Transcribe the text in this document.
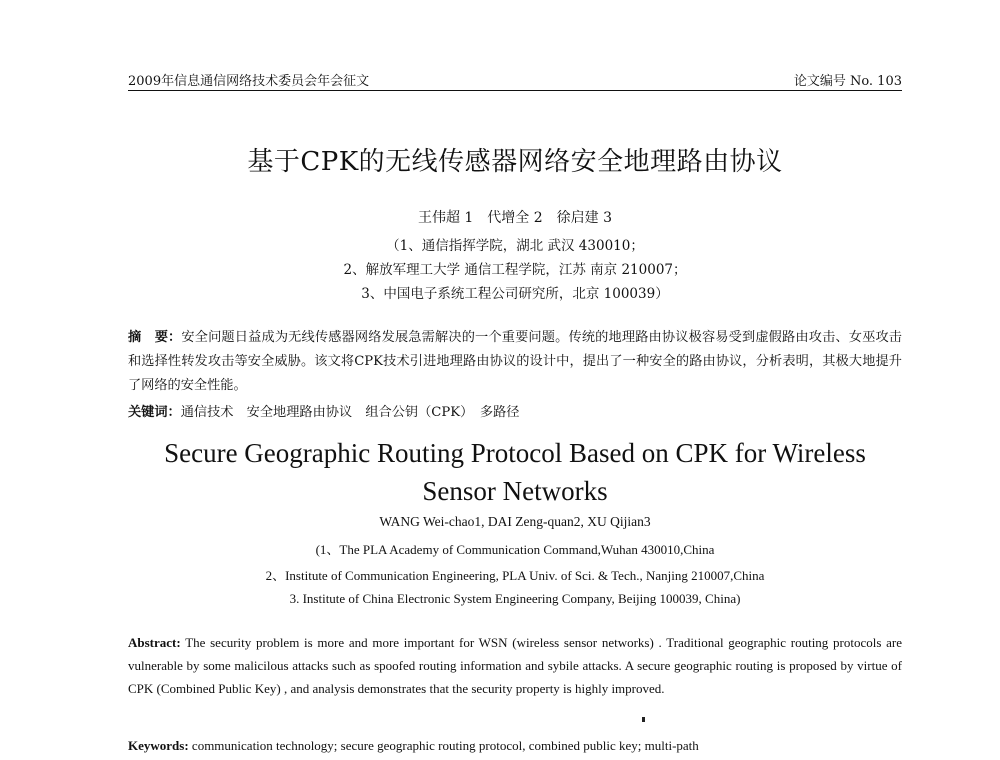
2009年信息通信网络技术委员会年会征文	论文编号 No. 103
基于CPK的无线传感器网络安全地理路由协议
王伟超 1　代增全 2　徐启建 3
（1、通信指挥学院，湖北 武汉 430010；
2、解放军理工大学 通信工程学院，江苏 南京 210007；
3、中国电子系统工程公司研究所，北京 100039）
摘　要：安全问题日益成为无线传感器网络发展急需解决的一个重要问题。传统的地理路由协议极容易受到虚假路由攻击、女巫攻击和选择性转发攻击等安全威胁。该文将CPK技术引进地理路由协议的设计中，提出了一种安全的路由协议，分析表明，其极大地提升了网络的安全性能。
关键词：通信技术　安全地理路由协议　组合公钥（CPK）　多路径
Secure Geographic Routing Protocol Based on CPK for Wireless Sensor Networks
WANG Wei-chao1, DAI Zeng-quan2, XU Qijian3
(1、The PLA Academy of Communication Command,Wuhan 430010,China
2、Institute of Communication Engineering, PLA Univ. of Sci. & Tech., Nanjing 210007,China
3. Institute of China Electronic System Engineering Company, Beijing 100039, China)
Abstract: The security problem is more and more important for WSN (wireless sensor networks) . Traditional geographic routing protocols are vulnerable by some malicilous attacks such as spoofed routing information and sybile attacks. A secure geographic routing is proposed by virtue of CPK (Combined Public Key) , and analysis demonstrates that the security property is highly improved.
Keywords: communication technology; secure geographic routing protocol, combined public key; multi-path
